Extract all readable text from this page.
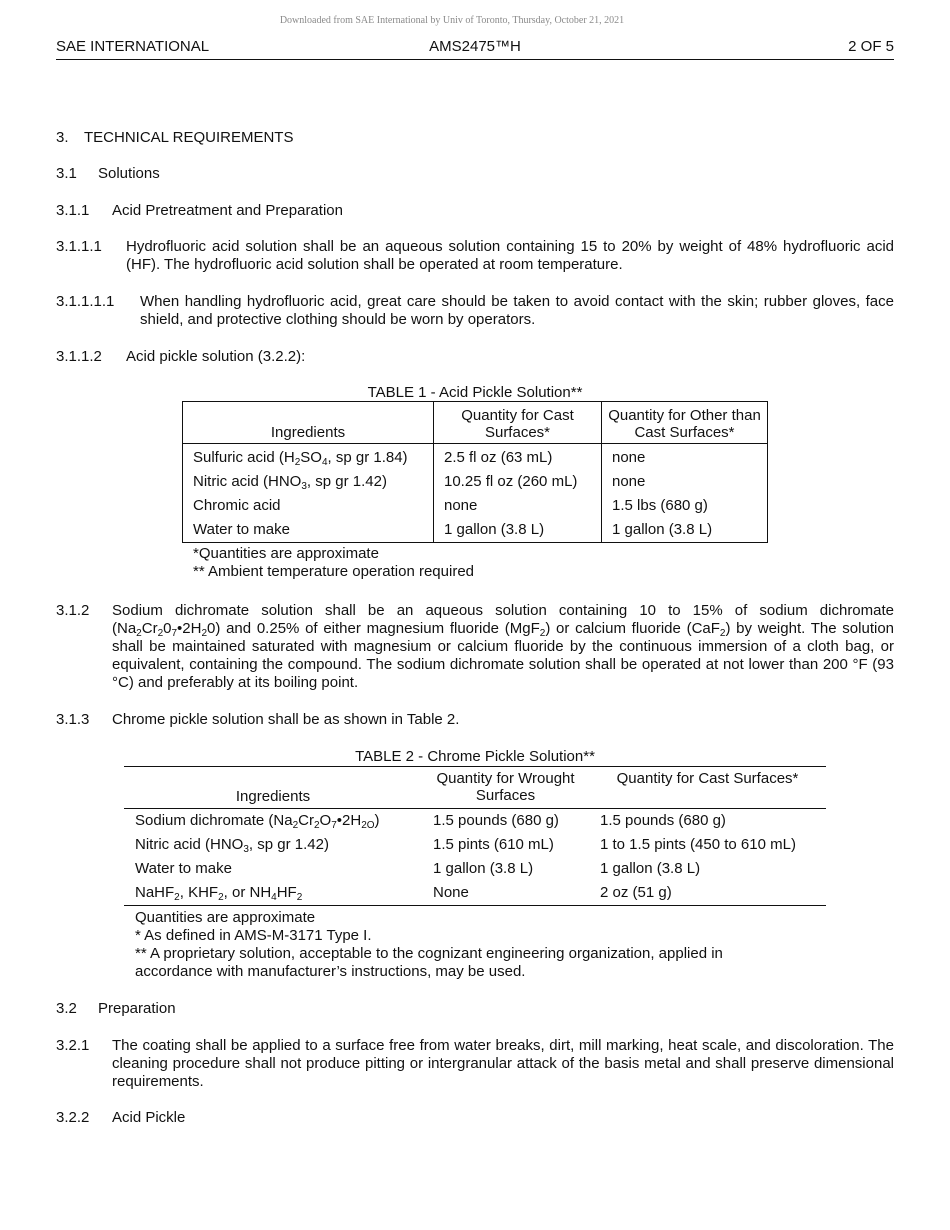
Downloaded from SAE International by Univ of Toronto, Thursday, October 21, 2021
SAE INTERNATIONAL	AMS2475™H	2 OF 5
3. TECHNICAL REQUIREMENTS
3.1 Solutions
3.1.1 Acid Pretreatment and Preparation
3.1.1.1 Hydrofluoric acid solution shall be an aqueous solution containing 15 to 20% by weight of 48% hydrofluoric acid (HF). The hydrofluoric acid solution shall be operated at room temperature.
3.1.1.1.1 When handling hydrofluoric acid, great care should be taken to avoid contact with the skin; rubber gloves, face shield, and protective clothing should be worn by operators.
3.1.1.2 Acid pickle solution (3.2.2):
TABLE 1 - Acid Pickle Solution**
Ingredients	Quantity for Cast Surfaces*	Quantity for Other than Cast Surfaces*
Sulfuric acid ($H_2SO_4$, sp gr 1.84)	2.5 fl oz (63 mL)	none
Nitric acid ($HNO_3$, sp gr 1.42)	10.25 fl oz (260 mL)	none
Chromic acid	none	1.5 lbs (680 g)
Water to make	1 gallon (3.8 L)	1 gallon (3.8 L)
*Quantities are approximate
** Ambient temperature operation required
3.1.2 Sodium dichromate solution shall be an aqueous solution containing 10 to 15% of sodium dichromate $(Na_2Cr_20_7•2H_20)$ and 0.25% of either magnesium fluoride (MgF$_2$) or calcium fluoride (CaF$_2$) by weight. The solution shall be maintained saturated with magnesium or calcium fluoride by the continuous immersion of a cloth bag, or equivalent, containing the compound. The sodium dichromate solution shall be operated at not lower than 200 °F (93 °C) and preferably at its boiling point.
3.1.3 Chrome pickle solution shall be as shown in Table 2.
TABLE 2 - Chrome Pickle Solution**
Ingredients	Quantity for Wrought Surfaces	Quantity for Cast Surfaces*
Sodium dichromate $(Na_2Cr_2O_7•2H_{2O})$	1.5 pounds (680 g)	1.5 pounds (680 g)
Nitric acid ($HNO_3$, sp gr 1.42)	1.5 pints (610 mL)	1 to 1.5 pints (450 to 610 mL)
Water to make	1 gallon (3.8 L)	1 gallon (3.8 L)
NaHF$_2$, $KHF_2$, or $NH_4HF_2$	None	2 oz (51 g)
Quantities are approximate
* As defined in AMS-M-3171 Type I.
** A proprietary solution, acceptable to the cognizant engineering organization, applied in accordance with manufacturer’s instructions, may be used.
3.2 Preparation
3.2.1 The coating shall be applied to a surface free from water breaks, dirt, mill marking, heat scale, and discoloration. The cleaning procedure shall not produce pitting or intergranular attack of the basis metal and shall preserve dimensional requirements.
3.2.2 Acid Pickle
